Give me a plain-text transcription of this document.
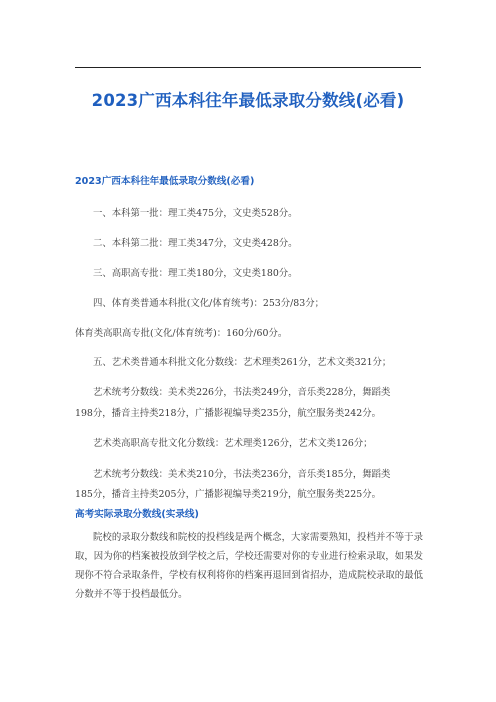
2023广西本科往年最低录取分数线(必看)
2023广西本科往年最低录取分数线(必看)
一、本科第一批：理工类475分，文史类528分。
二、本科第二批：理工类347分，文史类428分。
三、高职高专批：理工类180分，文史类180分。
四、体育类普通本科批(文化/体育统考)：253分/83分；
体育类高职高专批(文化/体育统考)：160分/60分。
五、艺术类普通本科批文化分数线：艺术理类261分，艺术文类321分；
艺术统考分数线：美术类226分，书法类249分，音乐类228分，舞蹈类
198分，播音主持类218分，广播影视编导类235分，航空服务类242分。
艺术类高职高专批文化分数线：艺术理类126分，艺术文类126分；
艺术统考分数线：美术类210分，书法类236分，音乐类185分，舞蹈类
185分，播音主持类205分，广播影视编导类219分，航空服务类225分。
高考实际录取分数线(实录线)
院校的录取分数线和院校的投档线是两个概念，大家需要熟知，投档并不等于录取，因为你的档案被投放到学校之后，学校还需要对你的专业进行检索录取，如果发现你不符合录取条件，学校有权利将你的档案再退回到省招办，造成院校录取的最低分数并不等于投档最低分。
